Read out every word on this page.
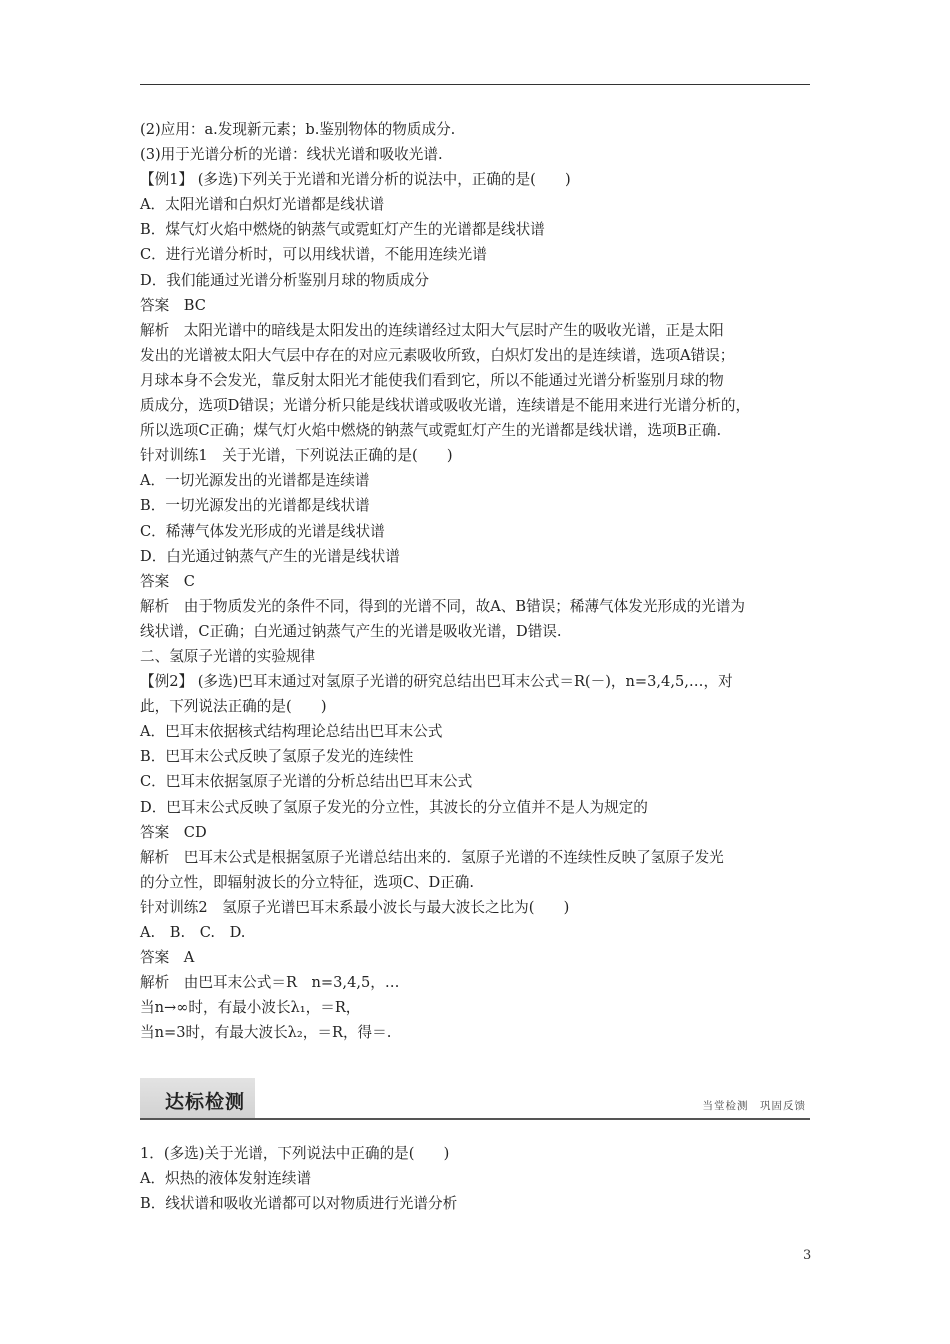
(2)应用：a.发现新元素；b.鉴别物体的物质成分.
(3)用于光谱分析的光谱：线状光谱和吸收光谱.
【例1】 (多选)下列关于光谱和光谱分析的说法中，正确的是(　　)
A．太阳光谱和白炽灯光谱都是线状谱
B．煤气灯火焰中燃烧的钠蒸气或霓虹灯产生的光谱都是线状谱
C．进行光谱分析时，可以用线状谱，不能用连续光谱
D．我们能通过光谱分析鉴别月球的物质成分
答案　BC
解析　太阳光谱中的暗线是太阳发出的连续谱经过太阳大气层时产生的吸收光谱，正是太阳
发出的光谱被太阳大气层中存在的对应元素吸收所致，白炽灯发出的是连续谱，选项A错误；
月球本身不会发光，靠反射太阳光才能使我们看到它，所以不能通过光谱分析鉴别月球的物
质成分，选项D错误；光谱分析只能是线状谱或吸收光谱，连续谱是不能用来进行光谱分析的，
所以选项C正确；煤气灯火焰中燃烧的钠蒸气或霓虹灯产生的光谱都是线状谱，选项B正确.
针对训练1　关于光谱，下列说法正确的是(　　)
A．一切光源发出的光谱都是连续谱
B．一切光源发出的光谱都是线状谱
C．稀薄气体发光形成的光谱是线状谱
D．白光通过钠蒸气产生的光谱是线状谱
答案　C
解析　由于物质发光的条件不同，得到的光谱不同，故A、B错误；稀薄气体发光形成的光谱为
线状谱，C正确；白光通过钠蒸气产生的光谱是吸收光谱，D错误.
二、氢原子光谱的实验规律
【例2】 (多选)巴耳末通过对氢原子光谱的研究总结出巴耳末公式＝R(－)，n=3,4,5,…，对
此，下列说法正确的是(　　)
A．巴耳末依据核式结构理论总结出巴耳末公式
B．巴耳末公式反映了氢原子发光的连续性
C．巴耳末依据氢原子光谱的分析总结出巴耳末公式
D．巴耳末公式反映了氢原子发光的分立性，其波长的分立值并不是人为规定的
答案　CD
解析　巴耳末公式是根据氢原子光谱总结出来的．氢原子光谱的不连续性反映了氢原子发光
的分立性，即辐射波长的分立特征，选项C、D正确.
针对训练2　氢原子光谱巴耳末系最小波长与最大波长之比为(　　)
A.　B.　C.　D.
答案　A
解析　由巴耳末公式＝R　n=3,4,5，…
当n→∞时，有最小波长λ₁，＝R，
当n=3时，有最大波长λ₂，＝R，得＝.
达标检测	当堂检测　巩固反馈
1．(多选)关于光谱，下列说法中正确的是(　　)
A．炽热的液体发射连续谱
B．线状谱和吸收光谱都可以对物质进行光谱分析
3
